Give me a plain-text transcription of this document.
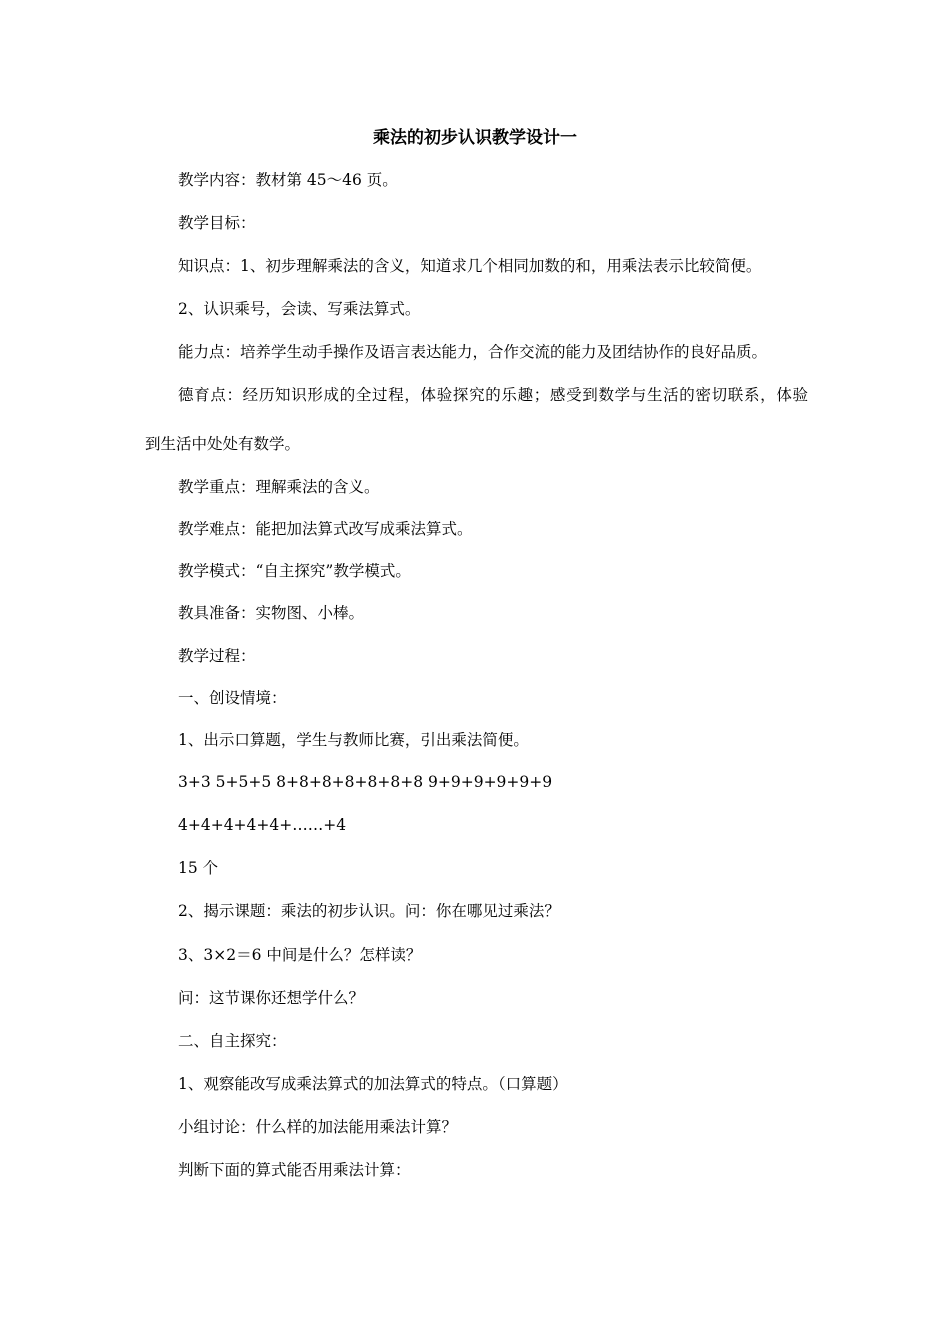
乘法的初步认识教学设计一
教学内容：教材第 45～46 页。
教学目标：
知识点：1、初步理解乘法的含义，知道求几个相同加数的和，用乘法表示比较简便。
2、认识乘号，会读、写乘法算式。
能力点：培养学生动手操作及语言表达能力，合作交流的能力及团结协作的良好品质。
德育点：经历知识形成的全过程，体验探究的乐趣；感受到数学与生活的密切联系，体验
到生活中处处有数学。
教学重点：理解乘法的含义。
教学难点：能把加法算式改写成乘法算式。
教学模式：“自主探究”教学模式。
教具准备：实物图、小棒。
教学过程：
一、创设情境：
1、出示口算题，学生与教师比赛，引出乘法简便。
3+3 5+5+5 8+8+8+8+8+8+8 9+9+9+9+9+9
4+4+4+4+4+……+4
15 个
2、揭示课题：乘法的初步认识。问：你在哪见过乘法？
3、3×2＝6 中间是什么？怎样读？
问：这节课你还想学什么？
二、自主探究：
1、观察能改写成乘法算式的加法算式的特点。（口算题）
小组讨论：什么样的加法能用乘法计算？
判断下面的算式能否用乘法计算：
